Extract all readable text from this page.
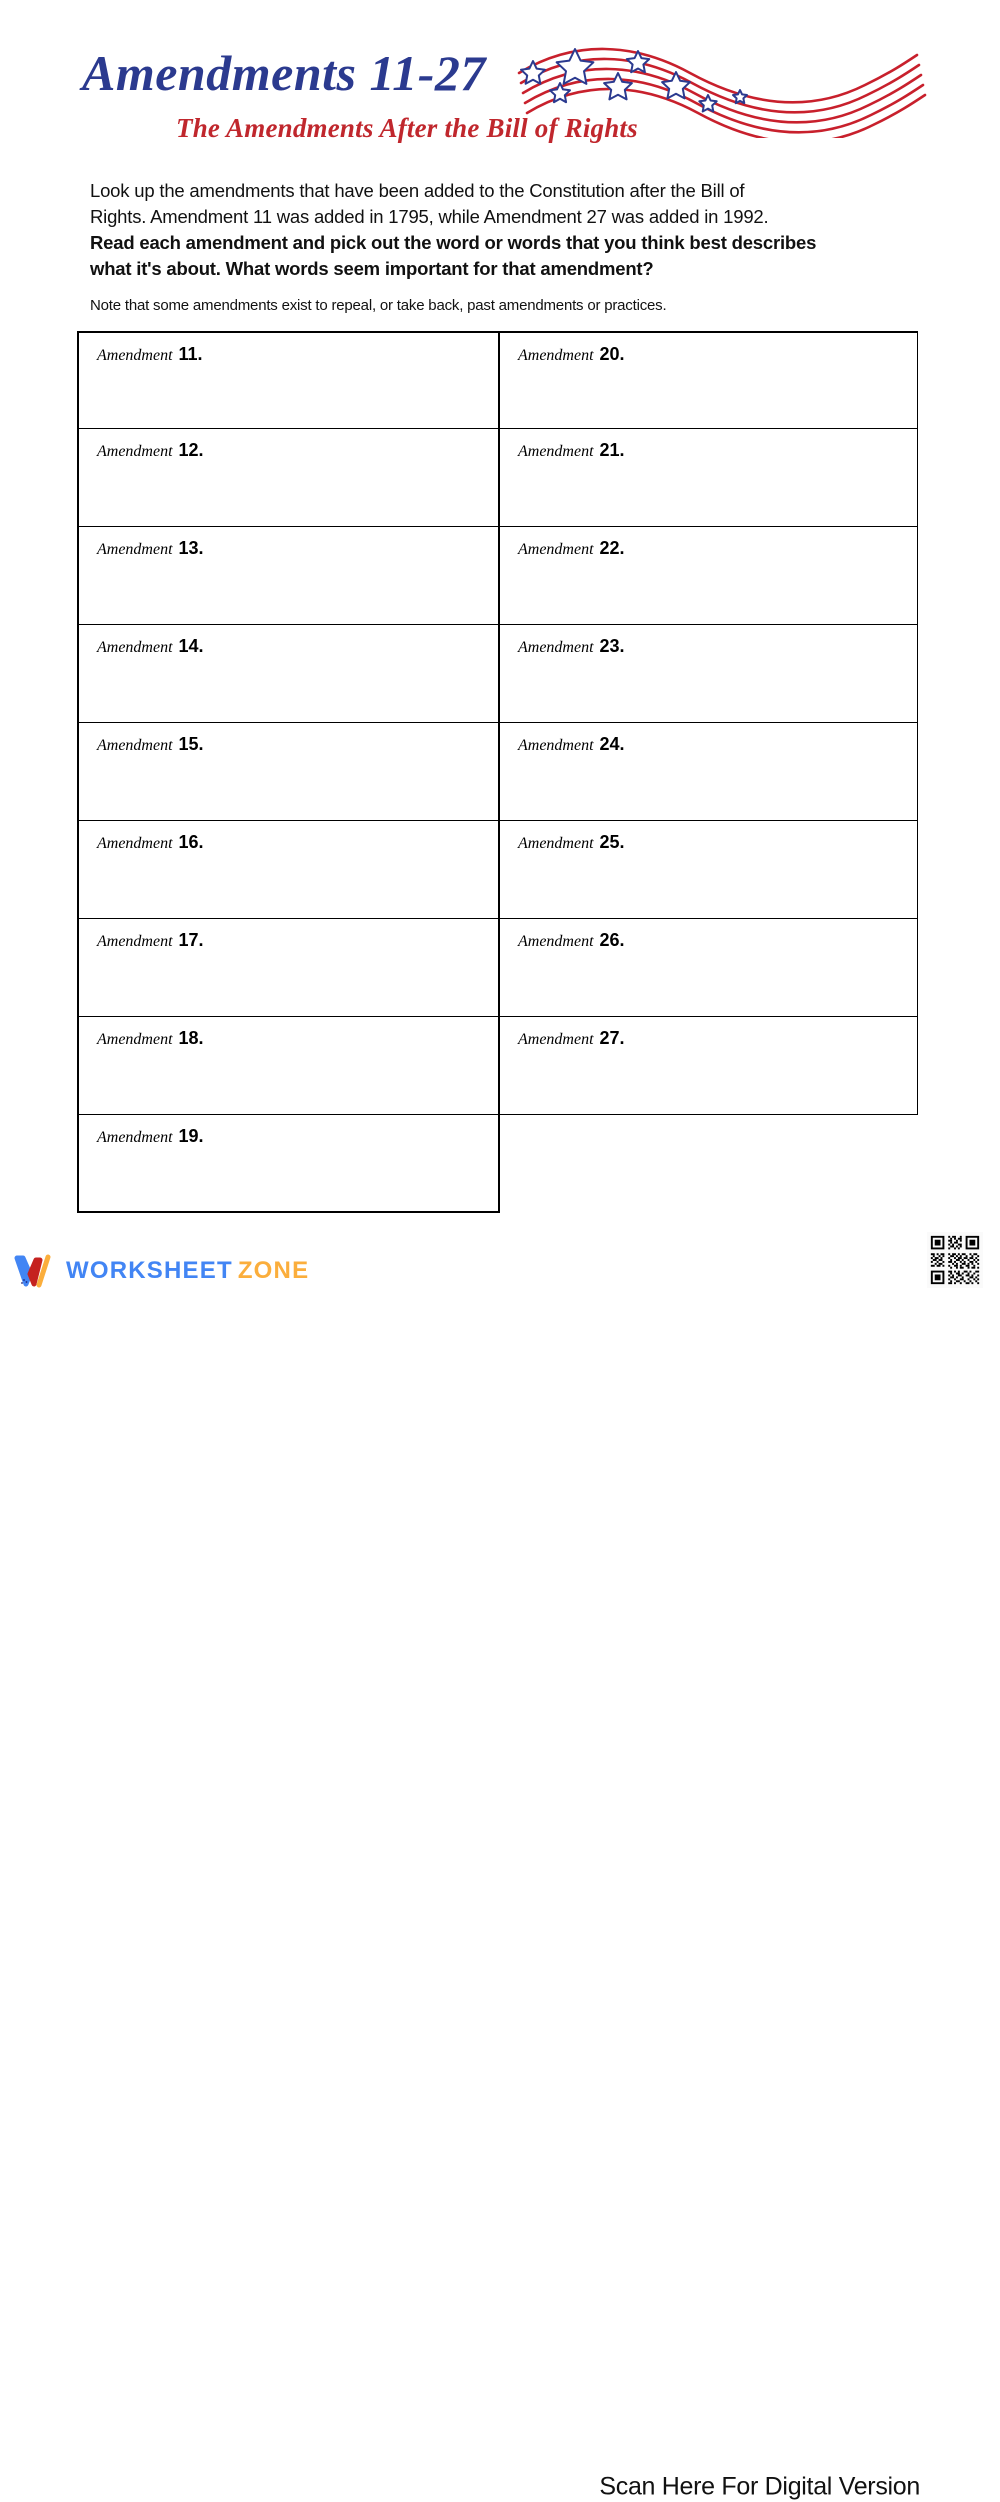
Amendments 11-27
The Amendments After the Bill of Rights
Look up the amendments that have been added to the Constitution after the Bill of
Rights. Amendment 11 was added in 1795, while Amendment 27 was added in 1992.
Read each amendment and pick out the word or words that you think best describes
what it's about. What words seem important for that amendment?
Note that some amendments exist to repeal, or take back, past amendments or practices.
Amendment 11.	Amendment 20.
Amendment 12.	Amendment 21.
Amendment 13.	Amendment 22.
Amendment 14.	Amendment 23.
Amendment 15.	Amendment 24.
Amendment 16.	Amendment 25.
Amendment 17.	Amendment 26.
Amendment 18.	Amendment 27.
Amendment 19.
WORKSHEET ZONE
Scan Here For Digital Version
